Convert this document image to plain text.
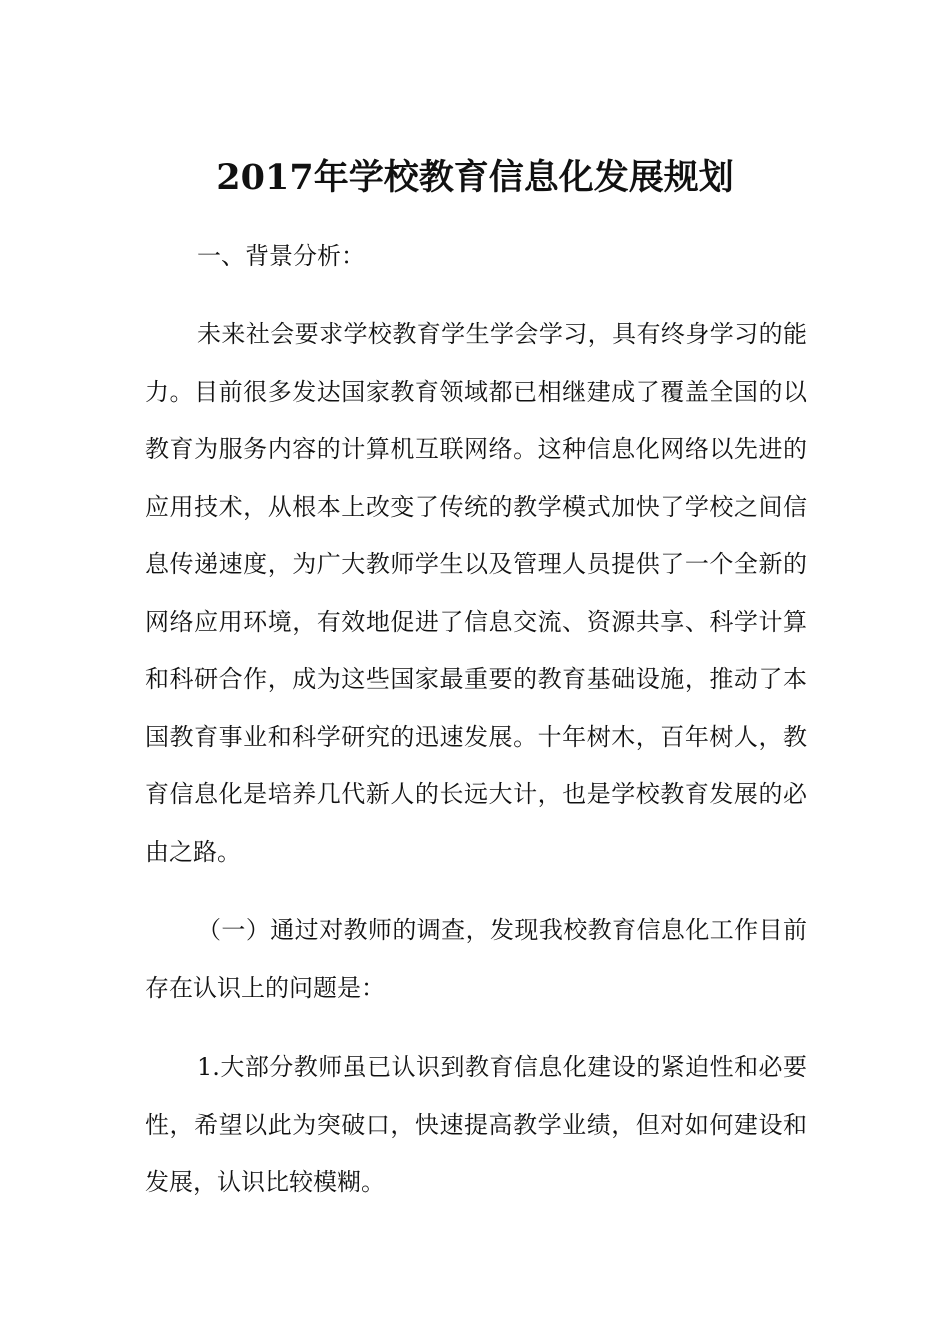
2017年学校教育信息化发展规划

一、背景分析：

未来社会要求学校教育学生学会学习，具有终身学习的能力。目前很多发达国家教育领域都已相继建成了覆盖全国的以教育为服务内容的计算机互联网络。这种信息化网络以先进的应用技术，从根本上改变了传统的教学模式加快了学校之间信息传递速度，为广大教师学生以及管理人员提供了一个全新的网络应用环境，有效地促进了信息交流、资源共享、科学计算和科研合作，成为这些国家最重要的教育基础设施，推动了本国教育事业和科学研究的迅速发展。十年树木，百年树人，教育信息化是培养几代新人的长远大计，也是学校教育发展的必由之路。

（一）通过对教师的调查，发现我校教育信息化工作目前存在认识上的问题是：

1.大部分教师虽已认识到教育信息化建设的紧迫性和必要性，希望以此为突破口，快速提高教学业绩，但对如何建设和发展，认识比较模糊。
